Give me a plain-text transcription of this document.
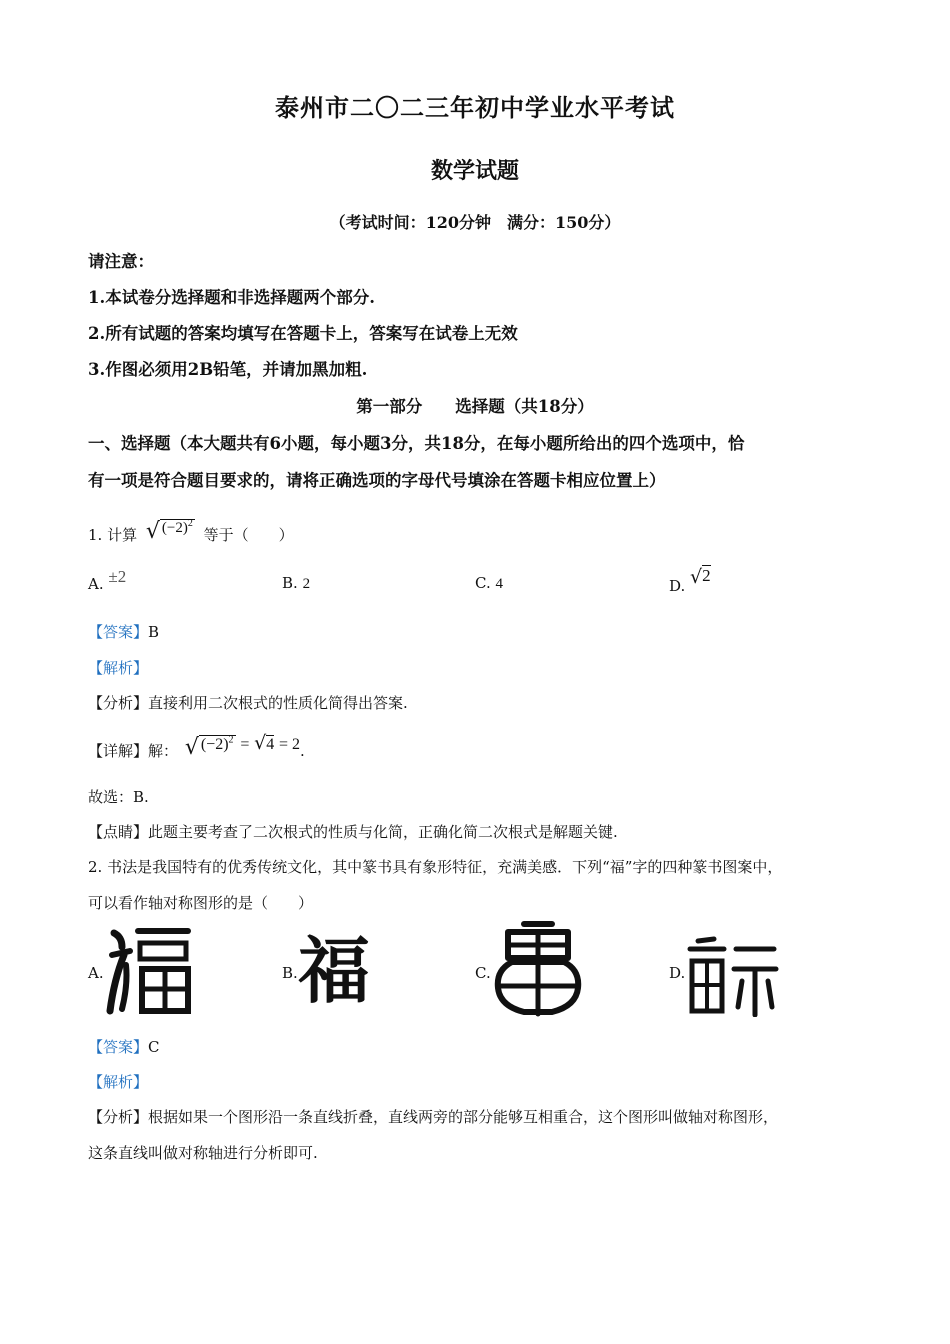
泰州市二〇二三年初中学业水平考试
数学试题
（考试时间：120分钟　满分：150分）
请注意：
1.本试卷分选择题和非选择题两个部分.
2.所有试题的答案均填写在答题卡上，答案写在试卷上无效
3.作图必须用2B铅笔，并请加黑加粗.
第一部分　　选择题（共18分）
一、选择题（本大题共有6小题，每小题3分，共18分，在每小题所给出的四个选项中，恰
有一项是符合题目要求的，请将正确选项的字母代号填涂在答题卡相应位置上）
1. 计算 √ $(-2)^2$ 等于（　　）
A. ±2	B. 2	C. 4	D. √2
【答案】B
【解析】
【分析】直接利用二次根式的性质化简得出答案.
【详解】解： √ $(-2)^2 = √4 = 2$.
故选：B.
【点睛】此题主要考查了二次根式的性质与化简，正确化简二次根式是解题关键.
2. 书法是我国特有的优秀传统文化，其中篆书具有象形特征，充满美感．下列“福”字的四种篆书图案中，
可以看作轴对称图形的是（　　）
A.	B. 福	C.	D.
【答案】C
【解析】
【分析】根据如果一个图形沿一条直线折叠，直线两旁的部分能够互相重合，这个图形叫做轴对称图形，
这条直线叫做对称轴进行分析即可.
